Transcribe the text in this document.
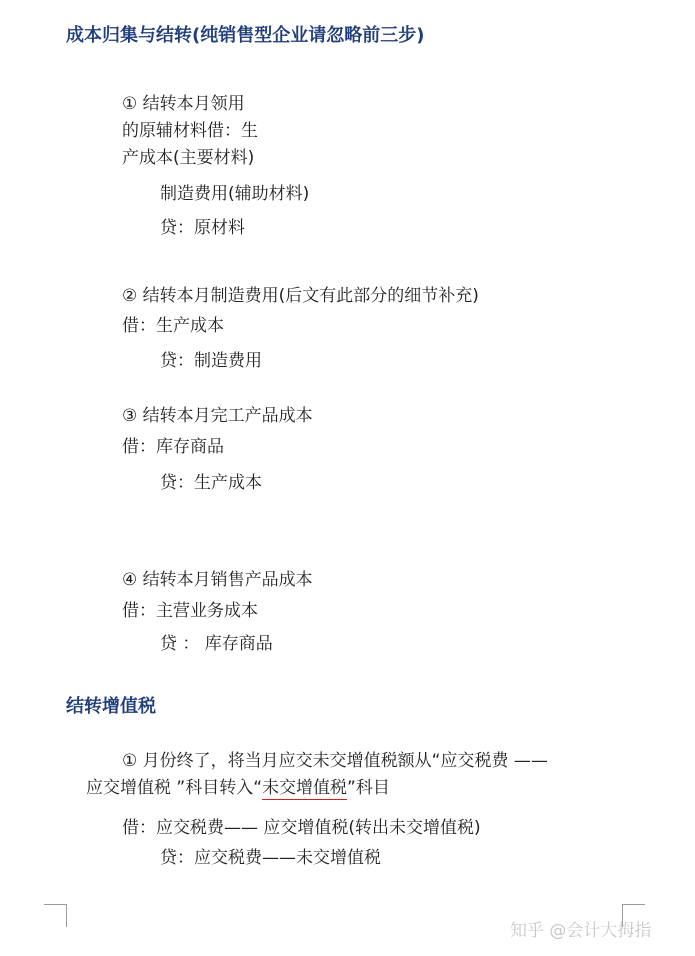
成本归集与结转(纯销售型企业请忽略前三步)
① 结转本月领用
的原辅材料借：生
产成本(主要材料)
制造费用(辅助材料)
贷：原材料
② 结转本月制造费用(后文有此部分的细节补充)
借：生产成本
贷：制造费用
③ 结转本月完工产品成本
借：库存商品
贷：生产成本
④ 结转本月销售产品成本
借：主营业务成本
贷 ： 库存商品
结转增值税
① 月份终了，将当月应交未交增值税额从“应交税费 ——
应交增值税 ”科目转入“未交增值税”科目
借：应交税费—— 应交增值税(转出未交增值税)
贷：应交税费——未交增值税
知乎 @会计大拇指
